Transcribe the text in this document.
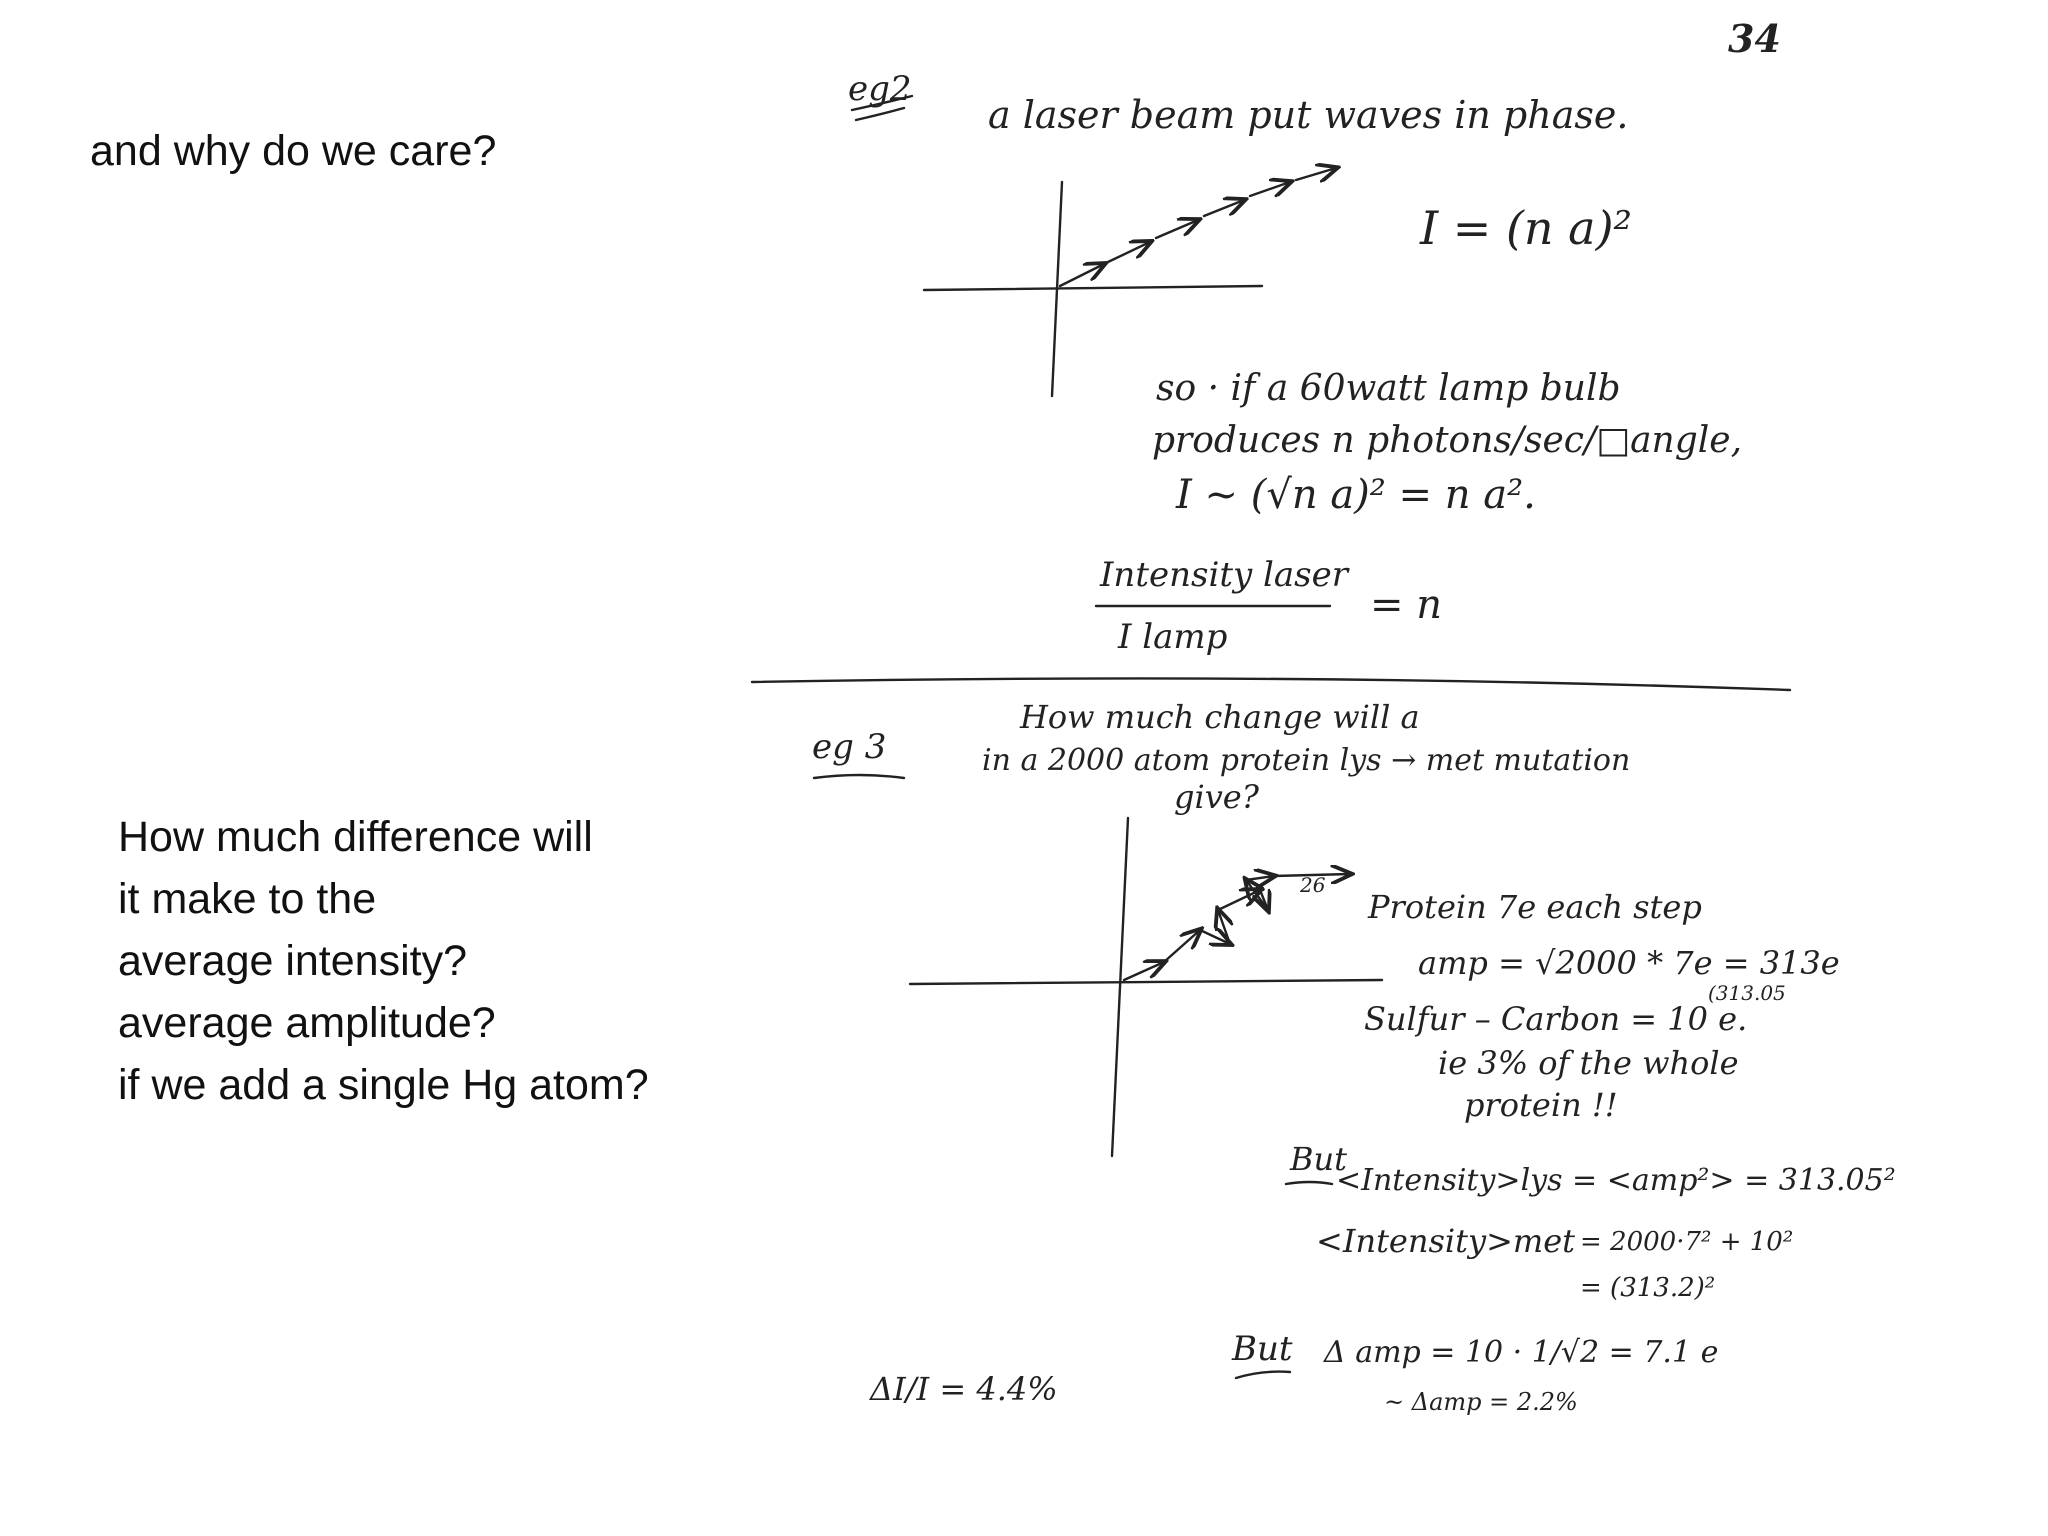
and why do we care?
How much difference will
it make to the
average intensity?
average amplitude?
if we add a single Hg atom?
34
eg2
a laser beam put waves in phase.
I = (n a)²
so · if a 60watt lamp bulb
produces n photons/sec/□angle,
I ~ (√n a)² = n a².
Intensity laser
I lamp
= n
eg 3
How much change will a
in a 2000 atom protein lys → met mutation
give?
26
Protein 7e each step
amp = √2000 * 7e = 313e
(313.05
Sulfur – Carbon = 10 e.
ie 3% of the whole
protein !!
But
<Intensity>lys = <amp²> = 313.05²
<Intensity>met = 2000·7² + 10²
= (313.2)²
But Δ amp = 10 · 1/√2 = 7.1 e
~ Δamp = 2.2%
ΔI/I = 4.4%
